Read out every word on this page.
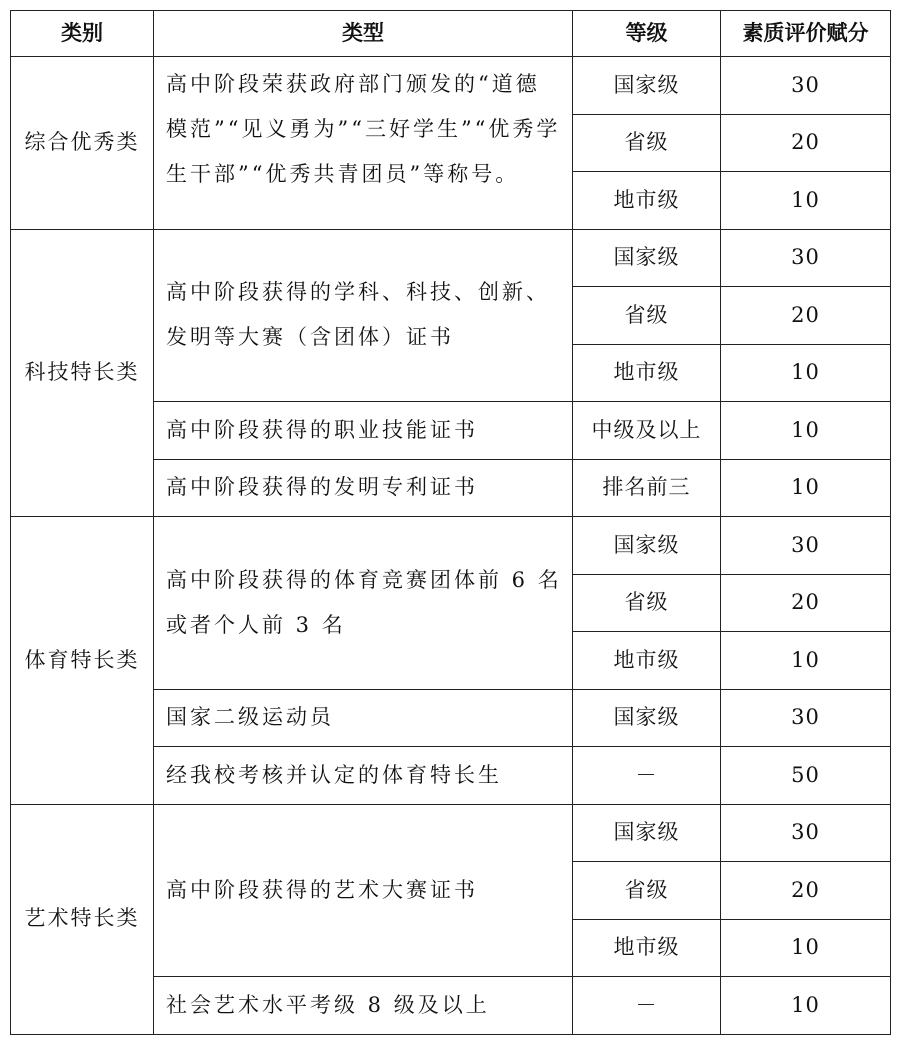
类别	类型	等级	素质评价赋分
综合优秀类	高中阶段荣获政府部门颁发的“道德模范”“见义勇为”“三好学生”“优秀学生干部”“优秀共青团员”等称号。	国家级	30
		省级	20
		地市级	10
科技特长类	高中阶段获得的学科、科技、创新、发明等大赛（含团体）证书	国家级	30
		省级	20
		地市级	10
	高中阶段获得的职业技能证书	中级及以上	10
	高中阶段获得的发明专利证书	排名前三	10
体育特长类	高中阶段获得的体育竞赛团体前 6 名或者个人前 3 名	国家级	30
		省级	20
		地市级	10
	国家二级运动员	国家级	30
	经我校考核并认定的体育特长生	－	50
艺术特长类	高中阶段获得的艺术大赛证书	国家级	30
		省级	20
		地市级	10
	社会艺术水平考级 8 级及以上	－	10
